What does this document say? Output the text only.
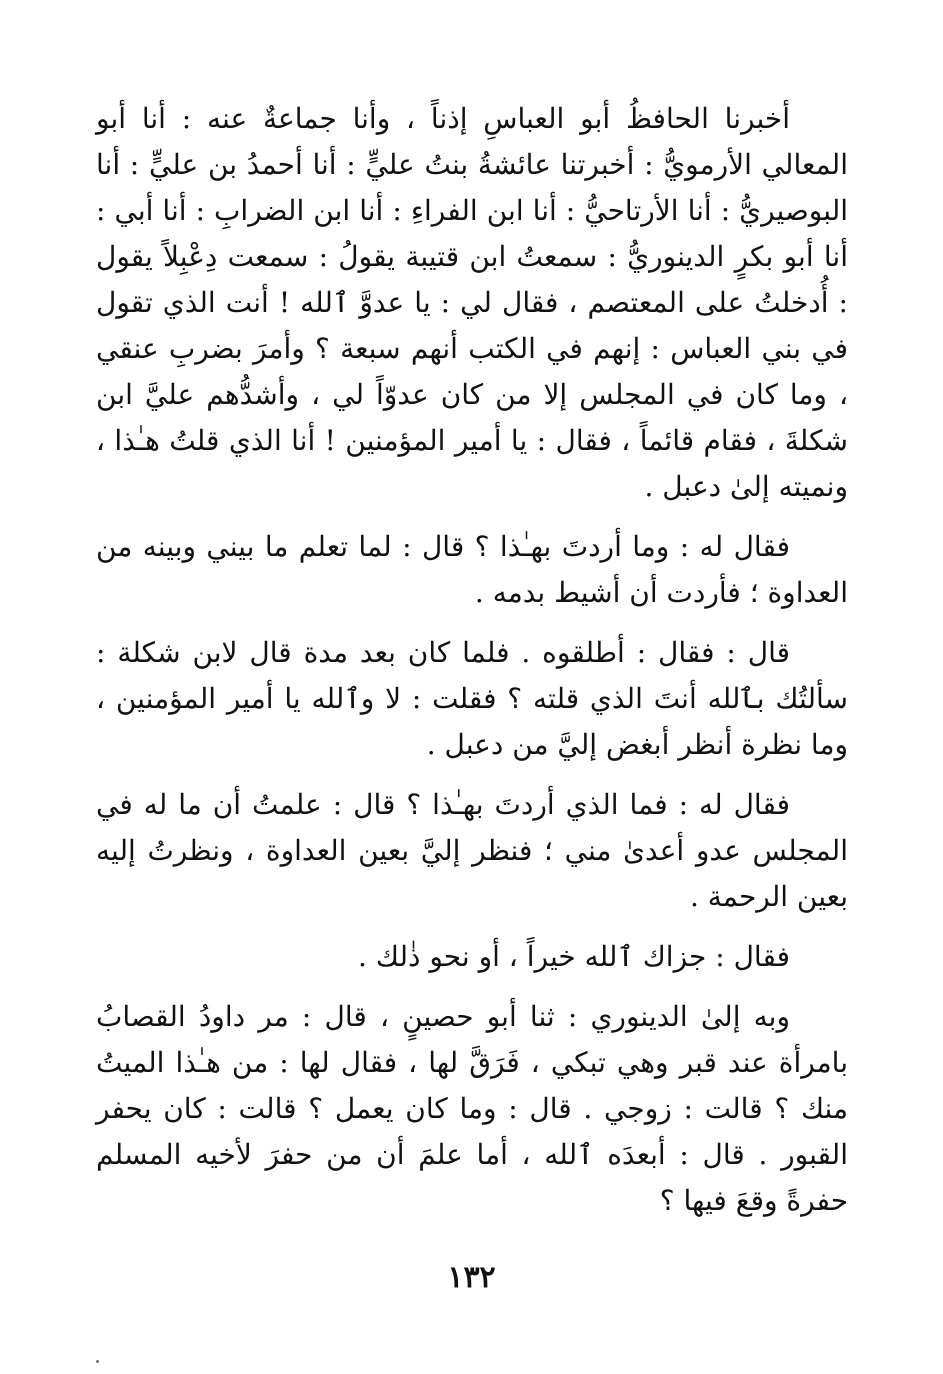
أخبرنا الحافظُ أبو العباسِ إذناً ، وأنا جماعةٌ عنه : أنا أبو المعالي الأرمويُّ : أخبرتنا عائشةُ بنتُ عليٍّ : أنا أحمدُ بن عليٍّ : أنا البوصيريُّ : أنا الأرتاحيُّ : أنا ابن الفراءِ : أنا ابن الضرابِ : أنا أبي : أنا أبو بكرٍ الدينوريُّ : سمعتُ ابن قتيبة يقولُ : سمعت دِعْبِلاً يقول : أُدخلتُ على المعتصم ، فقال لي : يا عدوَّ ٱلله ! أنت الذي تقول في بني العباس : إنهم في الكتب أنهم سبعة ؟ وأمرَ بضربِ عنقي ، وما كان في المجلس إلا من كان عدوّاً لي ، وأشدُّهم عليَّ ابن شكلةَ ، فقام قائماً ، فقال : يا أمير المؤمنين ! أنا الذي قلتُ هـٰذا ، ونميته إلىٰ دعبل .

فقال له : وما أردتَ بهـٰذا ؟ قال : لما تعلم ما بيني وبينه من العداوة ؛ فأردت أن أشيط بدمه .

قال : فقال : أطلقوه . فلما كان بعد مدة قال لابن شكلة : سألتُك بٱلله أنتَ الذي قلته ؟ فقلت : لا وٱلله يا أمير المؤمنين ، وما نظرة أنظر أبغض إليَّ من دعبل .

فقال له : فما الذي أردتَ بهـٰذا ؟ قال : علمتُ أن ما له في المجلس عدو أعدىٰ مني ؛ فنظر إليَّ بعين العداوة ، ونظرتُ إليه بعين الرحمة .

فقال : جزاك ٱلله خيراً ، أو نحو ذٰلك .

وبه إلىٰ الدينوري : ثنا أبو حصينٍ ، قال : مر داودُ القصابُ بامرأة عند قبر وهي تبكي ، فَرَقَّ لها ، فقال لها : من هـٰذا الميتُ منك ؟ قالت : زوجي . قال : وما كان يعمل ؟ قالت : كان يحفر القبور . قال : أبعدَه ٱلله ، أما علمَ أن من حفرَ لأخيه المسلم حفرةً وقعَ فيها ؟

١٣٢
